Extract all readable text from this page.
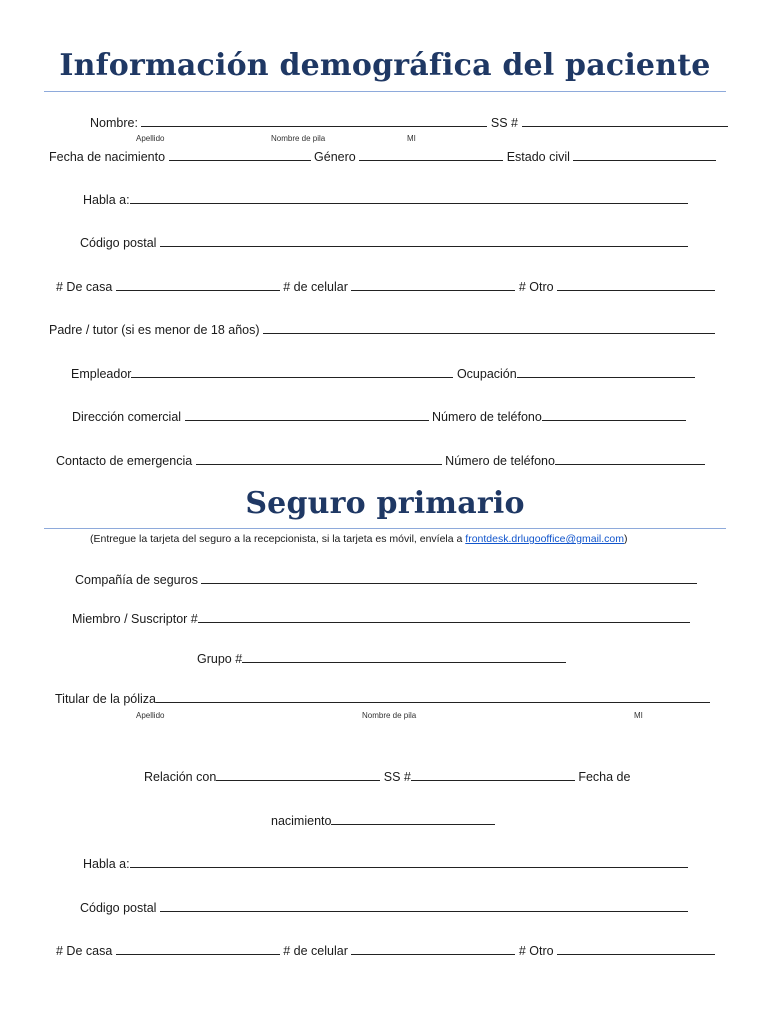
Información demográfica del paciente
Nombre:	SS #
Apellido	Nombre de pila	MI
Fecha de nacimiento	Género	Estado civil
Habla a:
Código postal
# De casa	# de celular	# Otro
Padre / tutor (si es menor de 18 años)
Empleador	Ocupación
Dirección comercial	Número de teléfono
Contacto de emergencia	Número de teléfono
Seguro primario
(Entregue la tarjeta del seguro a la recepcionista, si la tarjeta es móvil, envíela a frontdesk.drlugooffice@gmail.com)
Compañía de seguros
Miembro / Suscriptor #
Grupo #
Titular de la póliza
Apellido	Nombre de pila	MI
Relación con	SS #	Fecha de
nacimiento
Habla a:
Código postal
# De casa	# de celular	# Otro
